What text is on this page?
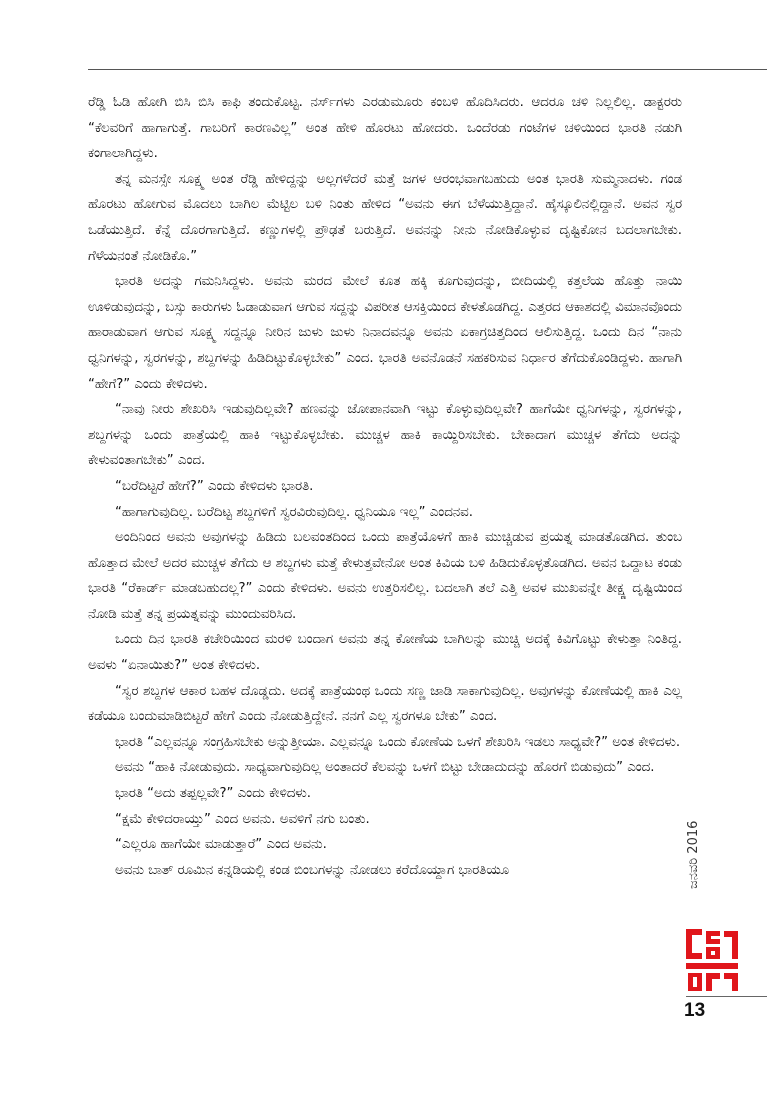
ರೆಡ್ಡಿ ಓಡಿ ಹೋಗಿ ಬಿಸಿ ಬಿಸಿ ಕಾಫಿ ತಂದುಕೊಟ್ಟ. ನರ್ಸ್‌ಗಳು ಎರಡುಮೂರು ಕಂಬಳಿ ಹೊದಿಸಿದರು. ಆದರೂ ಚಳಿ ನಿಲ್ಲಲಿಲ್ಲ. ಡಾಕ್ಟರರು “ಕೆಲವರಿಗೆ ಹಾಗಾಗುತ್ತೆ. ಗಾಬರಿಗೆ ಕಾರಣವಿಲ್ಲ” ಅಂತ ಹೇಳಿ ಹೊರಟು ಹೋದರು. ಒಂದೆರಡು ಗಂಟೆಗಳ ಚಳಿಯಿಂದ ಭಾರತಿ ನಡುಗಿ ಕಂಗಾಲಾಗಿದ್ದಳು.

ತನ್ನ ಮನಸ್ಸೇ ಸೂಕ್ಷ್ಮ ಅಂತ ರೆಡ್ಡಿ ಹೇಳಿದ್ದನ್ನು ಅಲ್ಲಗಳೆದರೆ ಮತ್ತೆ ಜಗಳ ಆರಂಭವಾಗಬಹುದು ಅಂತ ಭಾರತಿ ಸುಮ್ಮನಾದಳು. ಗಂಡ ಹೊರಟು ಹೋಗುವ ಮೊದಲು ಬಾಗಿಲ ಮೆಟ್ಟಿಲ ಬಳಿ ನಿಂತು ಹೇಳಿದ “ಅವನು ಈಗ ಬೆಳೆಯುತ್ತಿದ್ದಾನೆ. ಹೈಸ್ಕೂಲಿನಲ್ಲಿದ್ದಾನೆ. ಅವನ ಸ್ವರ ಒಡೆಯುತ್ತಿದೆ. ಕೆನ್ನೆ ದೊರಗಾಗುತ್ತಿದೆ. ಕಣ್ಣುಗಳಲ್ಲಿ ಪ್ರೌಢತೆ ಬರುತ್ತಿದೆ. ಅವನನ್ನು ನೀನು ನೋಡಿಕೊಳ್ಳುವ ದೃಷ್ಟಿಕೋನ ಬದಲಾಗಬೇಕು. ಗೆಳೆಯನಂತೆ ನೋಡಿಕೊ.”

ಭಾರತಿ ಅದನ್ನು ಗಮನಿಸಿದ್ದಳು. ಅವನು ಮರದ ಮೇಲೆ ಕೂತ ಹಕ್ಕಿ ಕೂಗುವುದನ್ನು, ಬೀದಿಯಲ್ಲಿ ಕತ್ತಲೆಯ ಹೊತ್ತು ನಾಯಿ ಊಳಿಡುವುದನ್ನು, ಬಸ್ಸು ಕಾರುಗಳು ಓಡಾಡುವಾಗ ಆಗುವ ಸದ್ದನ್ನು ವಿಪರೀತ ಆಸಕ್ತಿಯಿಂದ ಕೇಳತೊಡಗಿದ್ದ. ಎತ್ತರದ ಆಕಾಶದಲ್ಲಿ ವಿಮಾನವೊಂದು ಹಾರಾಡುವಾಗ ಆಗುವ ಸೂಕ್ಷ್ಮ ಸದ್ದನ್ನೂ ನೀರಿನ ಜುಳು ಜುಳು ನಿನಾದವನ್ನೂ ಅವನು ಏಕಾಗ್ರಚಿತ್ತದಿಂದ ಆಲಿಸುತ್ತಿದ್ದ. ಒಂದು ದಿನ “ನಾನು ಧ್ವನಿಗಳನ್ನು, ಸ್ವರಗಳನ್ನು, ಶಬ್ದಗಳನ್ನು ಹಿಡಿದಿಟ್ಟುಕೊಳ್ಳಬೇಕು” ಎಂದ. ಭಾರತಿ ಅವನೊಡನೆ ಸಹಕರಿಸುವ ನಿರ್ಧಾರ ತೆಗೆದುಕೊಂಡಿದ್ದಳು. ಹಾಗಾಗಿ “ಹೇಗೆ?” ಎಂದು ಕೇಳಿದಳು.

“ನಾವು ನೀರು ಶೇಖರಿಸಿ ಇಡುವುದಿಲ್ಲವೇ? ಹಣವನ್ನು ಜೋಪಾನವಾಗಿ ಇಟ್ಟು ಕೊಳ್ಳುವುದಿಲ್ಲವೇ? ಹಾಗೆಯೇ ಧ್ವನಿಗಳನ್ನು, ಸ್ವರಗಳನ್ನು, ಶಬ್ದಗಳನ್ನು ಒಂದು ಪಾತ್ರೆಯಲ್ಲಿ ಹಾಕಿ ಇಟ್ಟುಕೊಳ್ಳಬೇಕು. ಮುಚ್ಚಳ ಹಾಕಿ ಕಾಯ್ದಿರಿಸಬೇಕು. ಬೇಕಾದಾಗ ಮುಚ್ಚಳ ತೆಗೆದು ಅದನ್ನು ಕೇಳುವಂತಾಗಬೇಕು” ಎಂದ.

“ಬರೆದಿಟ್ಟರೆ ಹೇಗೆ?” ಎಂದು ಕೇಳಿದಳು ಭಾರತಿ.

“ಹಾಗಾಗುವುದಿಲ್ಲ. ಬರೆದಿಟ್ಟ ಶಬ್ದಗಳಿಗೆ ಸ್ವರವಿರುವುದಿಲ್ಲ. ಧ್ವನಿಯೂ ಇಲ್ಲ” ಎಂದನವ.

ಅಂದಿನಿಂದ ಅವನು ಅವುಗಳನ್ನು ಹಿಡಿದು ಬಲವಂತದಿಂದ ಒಂದು ಪಾತ್ರೆಯೊಳಗೆ ಹಾಕಿ ಮುಚ್ಚಿಡುವ ಪ್ರಯತ್ನ ಮಾಡತೊಡಗಿದ. ತುಂಬ ಹೊತ್ತಾದ ಮೇಲೆ ಅದರ ಮುಚ್ಚಳ ತೆಗೆದು ಆ ಶಬ್ದಗಳು ಮತ್ತೆ ಕೇಳುತ್ತವೇನೋ ಅಂತ ಕಿವಿಯ ಬಳಿ ಹಿಡಿದುಕೊಳ್ಳತೊಡಗಿದ. ಅವನ ಒದ್ದಾಟ ಕಂಡು ಭಾರತಿ “ರೆಕಾರ್ಡ್ ಮಾಡಬಹುದಲ್ಲ?” ಎಂದು ಕೇಳಿದಳು. ಅವನು ಉತ್ತರಿಸಲಿಲ್ಲ. ಬದಲಾಗಿ ತಲೆ ಎತ್ತಿ ಅವಳ ಮುಖವನ್ನೇ ತೀಕ್ಷ್ಣ ದೃಷ್ಟಿಯಿಂದ ನೋಡಿ ಮತ್ತೆ ತನ್ನ ಪ್ರಯತ್ನವನ್ನು ಮುಂದುವರಿಸಿದ.

ಒಂದು ದಿನ ಭಾರತಿ ಕಚೇರಿಯಿಂದ ಮರಳಿ ಬಂದಾಗ ಅವನು ತನ್ನ ಕೋಣೆಯ ಬಾಗಿಲನ್ನು ಮುಚ್ಚಿ ಅದಕ್ಕೆ ಕಿವಿಗೊಟ್ಟು ಕೇಳುತ್ತಾ ನಿಂತಿದ್ದ. ಅವಳು “ಏನಾಯಿತು?” ಅಂತ ಕೇಳಿದಳು.

“ಸ್ವರ ಶಬ್ದಗಳ ಆಕಾರ ಬಹಳ ದೊಡ್ಡದು. ಅದಕ್ಕೆ ಪಾತ್ರೆಯಂಥ ಒಂದು ಸಣ್ಣ ಜಾಡಿ ಸಾಕಾಗುವುದಿಲ್ಲ. ಅವುಗಳನ್ನು ಕೋಣೆಯಲ್ಲಿ ಹಾಕಿ ಎಲ್ಲ ಕಡೆಯೂ ಬಂದುಮಾಡಿಬಿಟ್ಟರೆ ಹೇಗೆ ಎಂದು ನೋಡುತ್ತಿದ್ದೇನೆ. ನನಗೆ ಎಲ್ಲ ಸ್ವರಗಳೂ ಬೇಕು” ಎಂದ.

ಭಾರತಿ “ಎಲ್ಲವನ್ನೂ ಸಂಗ್ರಹಿಸಬೇಕು ಅನ್ನುತ್ತೀಯಾ. ಎಲ್ಲವನ್ನೂ ಒಂದು ಕೋಣೆಯ ಒಳಗೆ ಶೇಖರಿಸಿ ಇಡಲು ಸಾಧ್ಯವೇ?” ಅಂತ ಕೇಳಿದಳು.

ಅವನು “ಹಾಕಿ ನೋಡುವುದು. ಸಾಧ್ಯವಾಗುವುದಿಲ್ಲ ಅಂತಾದರೆ ಕೆಲವನ್ನು ಒಳಗೆ ಬಿಟ್ಟು ಬೇಡಾದುದನ್ನು ಹೊರಗೆ ಬಿಡುವುದು” ಎಂದ.

ಭಾರತಿ “ಅದು ತಪ್ಪಲ್ಲವೇ?” ಎಂದು ಕೇಳಿದಳು.

“ಕ್ಷಮೆ ಕೇಳಿದರಾಯ್ತು” ಎಂದ ಅವನು. ಅವಳಿಗೆ ನಗು ಬಂತು.

“ಎಲ್ಲರೂ ಹಾಗೆಯೇ ಮಾಡುತ್ತಾರೆ” ಎಂದ ಅವನು.

ಅವನು ಬಾತ್ ರೂಮಿನ ಕನ್ನಡಿಯಲ್ಲಿ ಕಂಡ ಬಿಂಬಗಳನ್ನು ನೋಡಲು ಕರೆದೊಯ್ದಾಗ ಭಾರತಿಯೂ	ಜನವರಿ 2016
13
